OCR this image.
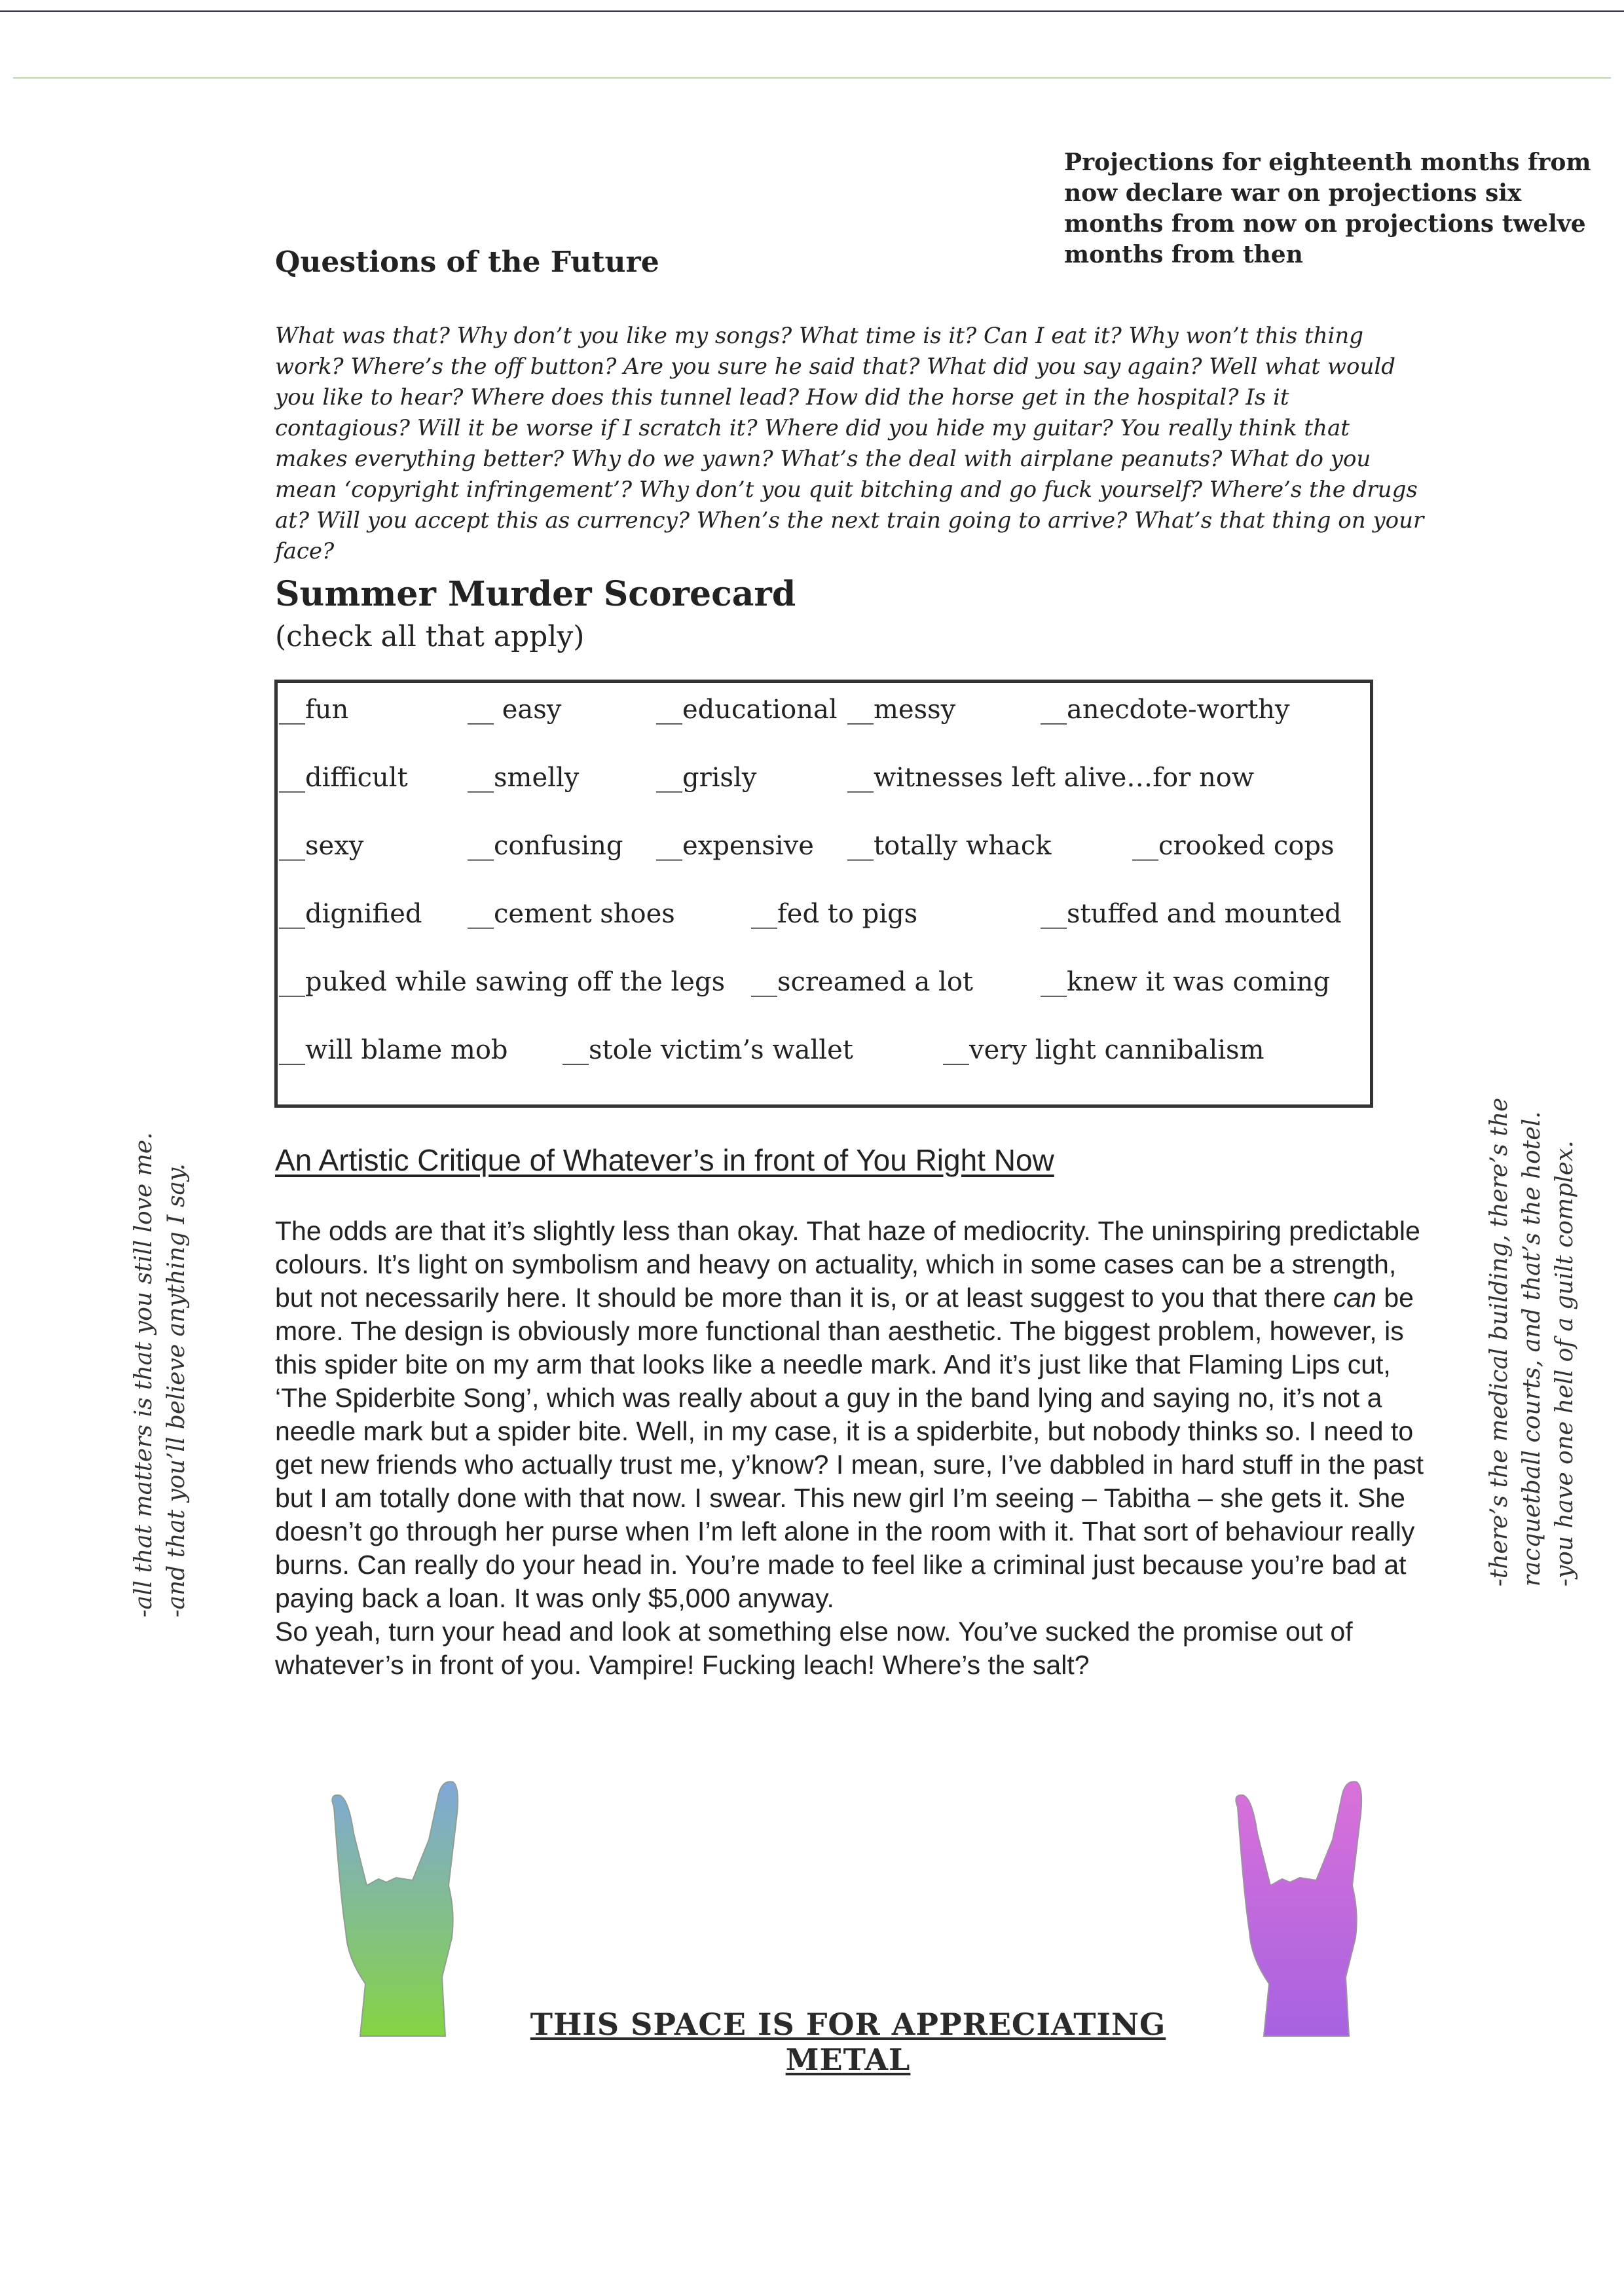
Projections for eighteenth months from now declare war on projections six months from now on projections twelve months from then
Questions of the Future
What was that? Why don’t you like my songs? What time is it? Can I eat it? Why won’t this thing work? Where’s the off button? Are you sure he said that? What did you say again? Well what would you like to hear? Where does this tunnel lead? How did the horse get in the hospital? Is it contagious? Will it be worse if I scratch it? Where did you hide my guitar? You really think that makes everything better? Why do we yawn? What’s the deal with airplane peanuts? What do you mean ‘copyright infringement’? Why don’t you quit bitching and go fuck yourself? Where’s the drugs at? Will you accept this as currency? When’s the next train going to arrive? What’s that thing on your face?
Summer Murder Scorecard
(check all that apply)
__fun	__ easy	__educational __messy	__anecdote-worthy
__difficult __smelly	__grisly	__witnesses left alive…for now
__sexy	__confusing __expensive __totally whack	__crooked cops
__dignified __cement shoes	__fed to pigs	__stuffed and mounted
__puked while sawing off the legs __screamed a lot	__knew it was coming
__will blame mob __stole victim’s wallet	__very light cannibalism
An Artistic Critique of Whatever’s in front of You Right Now

The odds are that it’s slightly less than okay. That haze of mediocrity. The uninspiring predictable colours. It’s light on symbolism and heavy on actuality, which in some cases can be a strength, but not necessarily here. It should be more than it is, or at least suggest to you that there can be more. The design is obviously more functional than aesthetic. The biggest problem, however, is this spider bite on my arm that looks like a needle mark. And it’s just like that Flaming Lips cut, ‘The Spiderbite Song’, which was really about a guy in the band lying and saying no, it’s not a needle mark but a spider bite. Well, in my case, it is a spiderbite, but nobody thinks so. I need to get new friends who actually trust me, y’know? I mean, sure, I’ve dabbled in hard stuff in the past but I am totally done with that now. I swear. This new girl I’m seeing – Tabitha – she gets it. She doesn’t go through her purse when I’m left alone in the room with it. That sort of behaviour really burns. Can really do your head in. You’re made to feel like a criminal just because you’re bad at paying back a loan. It was only $5,000 anyway.

So yeah, turn your head and look at something else now. You’ve sucked the promise out of whatever’s in front of you. Vampire! Fucking leach! Where’s the salt?

-all that matters is that you still love me. -and that you’ll believe anything I say.	-there’s the medical building, there’s the racquetball courts, and that’s the hotel. -you have one hell of a guilt complex.
THIS SPACE IS FOR APPRECIATING METAL
